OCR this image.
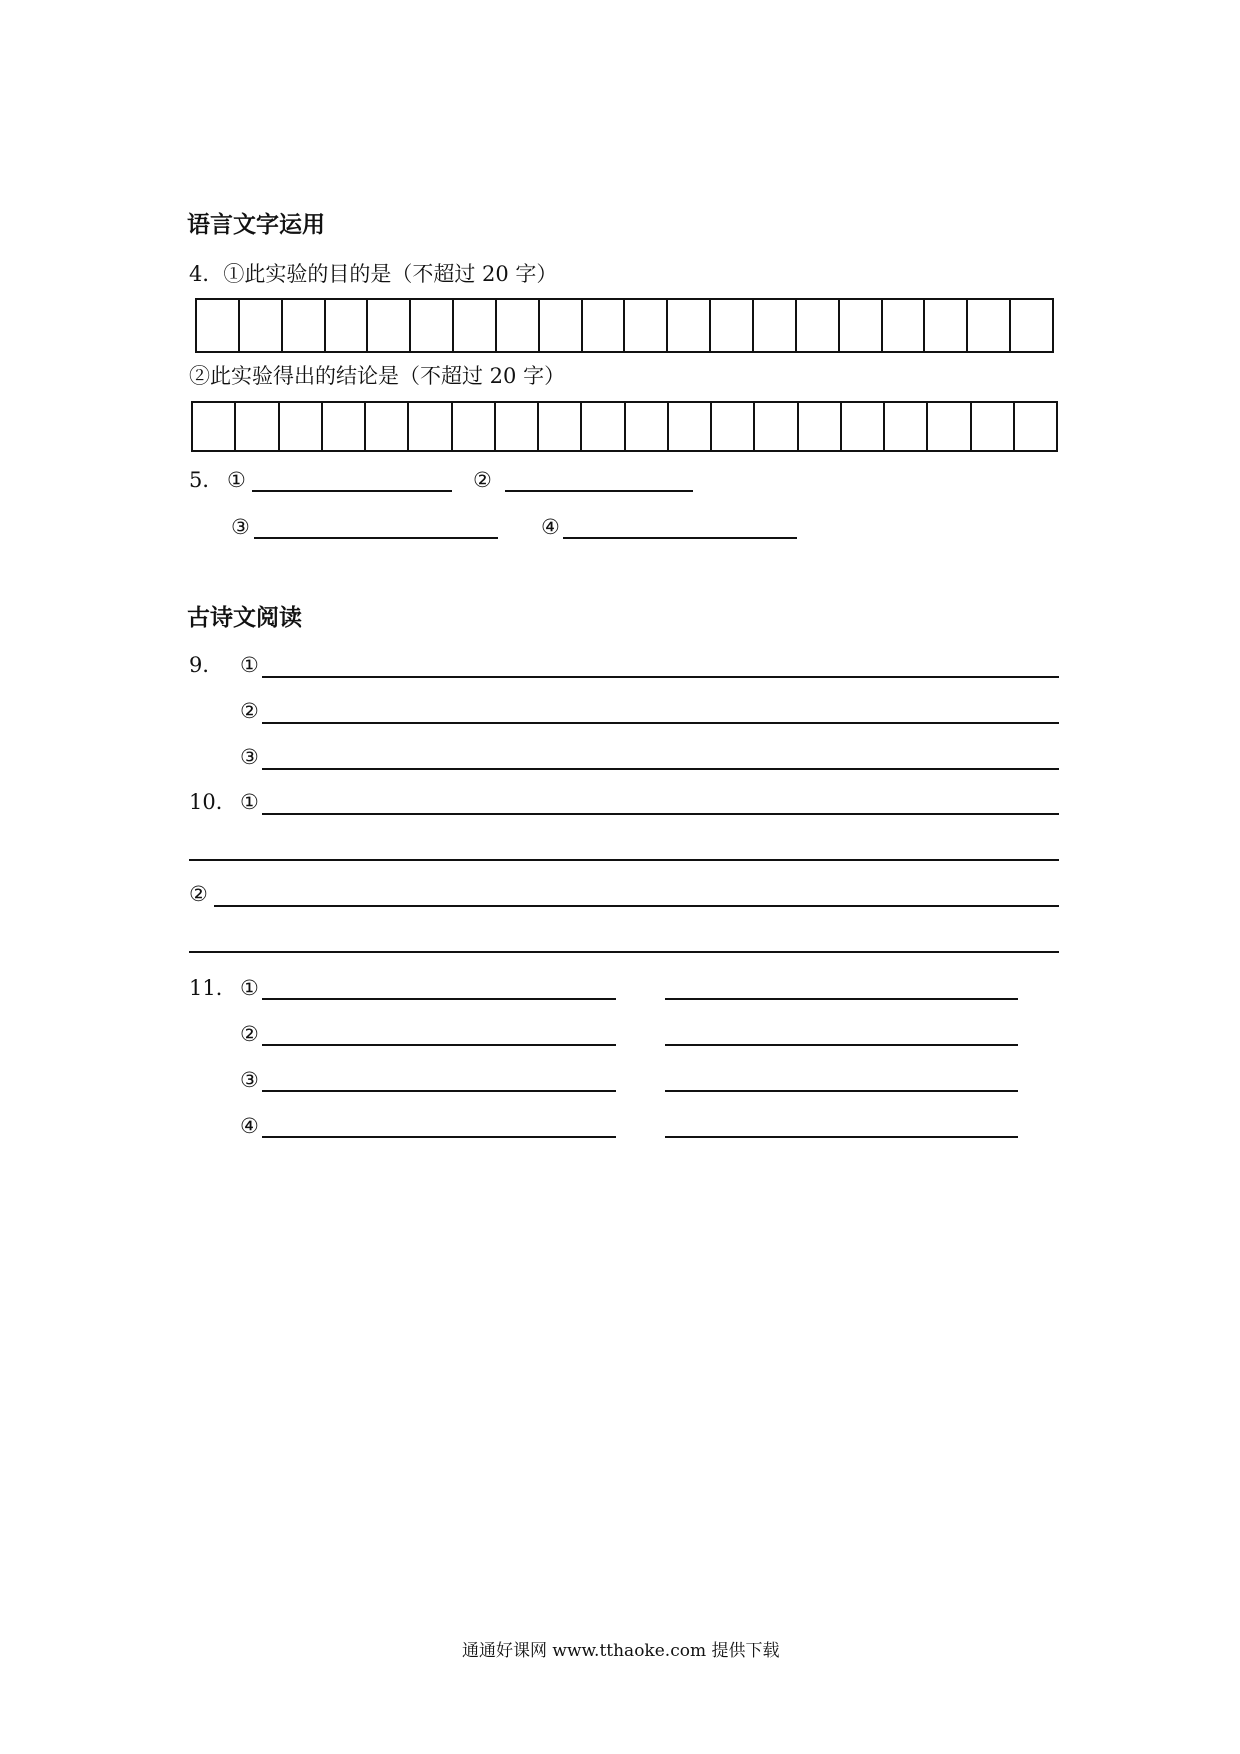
语言文字运用
4．①此实验的目的是（不超过 20 字）
②此实验得出的结论是（不超过 20 字）
5． ①	②
③	④
古诗文阅读
9． ①
②
③
10． ①
②
11． ①
②
③
④
通通好课网 www.tthaoke.com 提供下载
